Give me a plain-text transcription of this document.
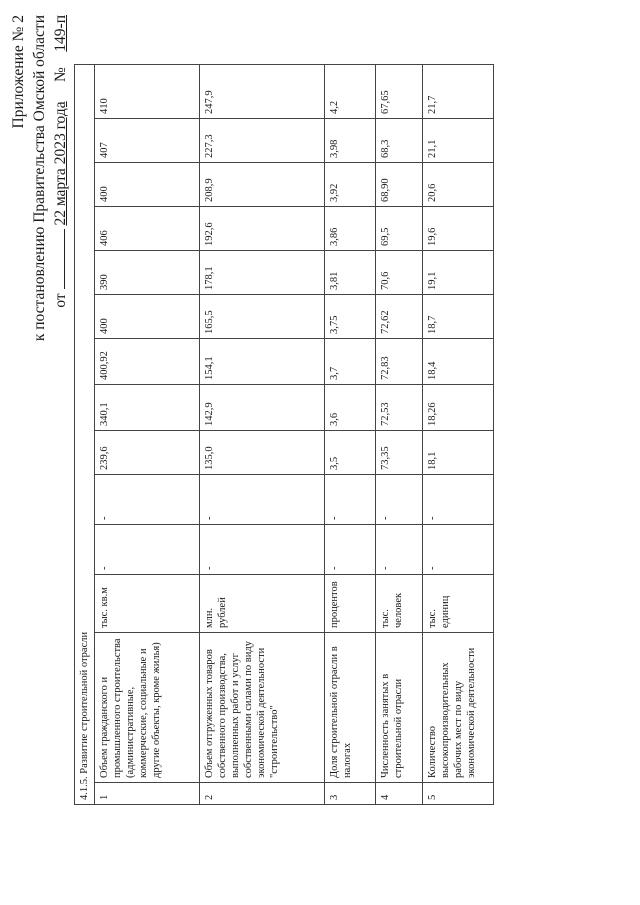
Приложение № 2 к постановлению Правительства Омской области от  22 марта 2023 года     №    149-п
4.1.5. Развитие строительной отрасли													
1	Объем гражданского и промышленного строительства (административные, коммерческие, социальные и другие объекты, кроме жилья)	тыс. кв.м	-	-	239,6	340,1	400,92	400	390	406	400	407	410
2	Объем отгруженных товаров собственного производства, выполненных работ и услуг собственными силами по виду экономической деятельности "строительство"	млн. рублей	-	-	135,0	142,9	154,1	165,5	178,1	192,6	208,9	227,3	247,9
3	Доля строительной отрасли в налогах	процентов	-	-	3,5	3,6	3,7	3,75	3,81	3,86	3,92	3,98	4,2
4	Численность занятых в строительной отрасли	тыс. человек	-	-	73,35	72,53	72,83	72,62	70,6	69,5	68,90	68,3	67,65
5	Количество высокопроизводительных рабочих мест по виду экономической деятельности	тыс. единиц	-	-	18,1	18,26	18,4	18,7	19,1	19,6	20,6	21,1	21,7
